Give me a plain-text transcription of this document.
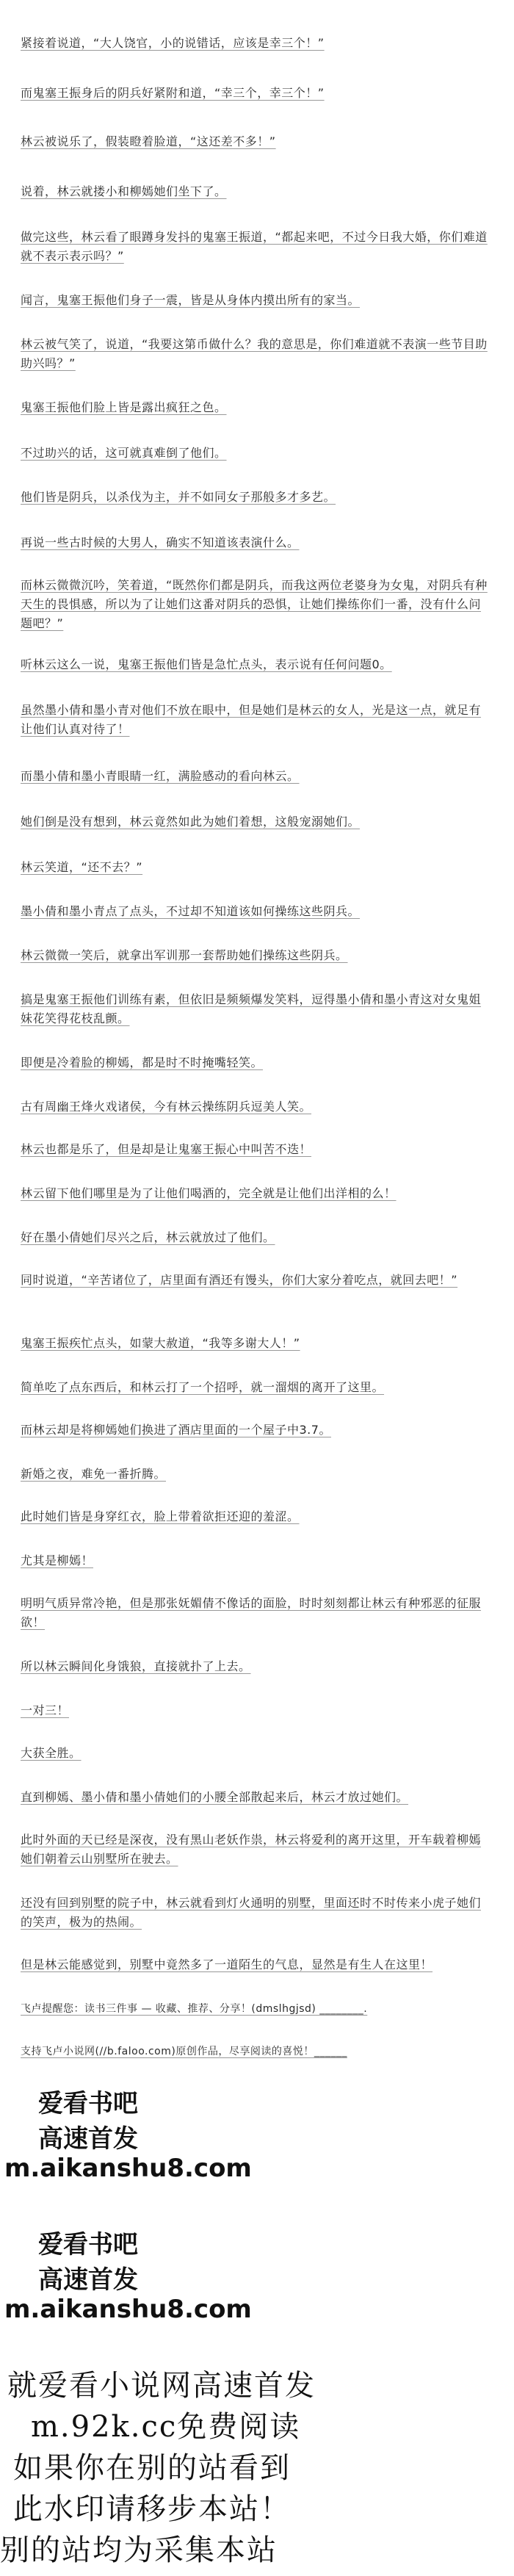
紧接着说道，“大人饶官，小的说错话，应该是幸三个！”
而鬼塞王振身后的阴兵好紧附和道，“幸三个，幸三个！”
林云被说乐了，假装瞪着脸道，“这还差不多！”
说着，林云就搂小和柳嫣她们坐下了。
做完这些，林云看了眼蹲身发抖的鬼塞王振道，“都起来吧，不过今日我大婚，你们难道就不表示表示吗？”
闻言，鬼塞王振他们身子一震，皆是从身体内摸出所有的家当。
林云被气笑了，说道，“我要这第币做什么？我的意思是，你们难道就不表演一些节目助助兴吗？”
鬼塞王振他们脸上皆是露出疯狂之色。
不过助兴的话，这可就真难倒了他们。
他们皆是阴兵，以杀伐为主，并不如同女子那般多才多艺。
再说一些古时候的大男人，确实不知道该表演什么。
而林云微微沉吟，笑着道，“既然你们都是阴兵，而我这两位老婆身为女鬼，对阴兵有种天生的畏惧感，所以为了让她们这番对阴兵的恐惧，让她们操练你们一番，没有什么问题吧？”
听林云这么一说，鬼塞王振他们皆是急忙点头，表示说有任何问题0。
虽然墨小倩和墨小青对他们不放在眼中，但是她们是林云的女人，光是这一点，就足有让他们认真对待了！
而墨小倩和墨小青眼睛一红，满脸感动的看向林云。
她们倒是没有想到，林云竟然如此为她们着想，这般宠溺她们。
林云笑道，“还不去？”
墨小倩和墨小青点了点头，不过却不知道该如何操练这些阴兵。
林云微微一笑后，就拿出军训那一套帮助她们操练这些阴兵。
搞是鬼塞王振他们训练有素，但依旧是频频爆发笑料，逗得墨小倩和墨小青这对女鬼姐妹花笑得花枝乱颤。
即便是冷着脸的柳嫣，都是时不时掩嘴轻笑。
古有周幽王烽火戏诸侯，今有林云操练阴兵逗美人笑。
林云也都是乐了，但是却是让鬼塞王振心中叫苦不迭！
林云留下他们哪里是为了让他们喝酒的，完全就是让他们出洋相的么！
好在墨小倩她们尽兴之后，林云就放过了他们。
同时说道，“辛苦诸位了，店里面有酒还有馒头，你们大家分着吃点，就回去吧！”
鬼塞王振疾忙点头，如蒙大赦道，“我等多谢大人！”
简单吃了点东西后，和林云打了一个招呼，就一溜烟的离开了这里。
而林云却是将柳嫣她们换进了酒店里面的一个屋子中3.7。
新婚之夜，难免一番折腾。
此时她们皆是身穿红衣，脸上带着欲拒还迎的羞涩。
尤其是柳嫣！
明明气质异常冷艳，但是那张妩媚倩不像话的面脸，时时刻刻都让林云有种邪恶的征服欲！
所以林云瞬间化身饿狼，直接就扑了上去。
一对三！
大获全胜。
直到柳嫣、墨小倩和墨小倩她们的小腰全部散起来后，林云才放过她们。
此时外面的天已经是深夜，没有黑山老妖作祟，林云将爱利的离开这里，开车载着柳嫣她们朝着云山别墅所在驶去。
还没有回到别墅的院子中，林云就看到灯火通明的别墅，里面还时不时传来小虎子她们的笑声，极为的热闹。
但是林云能感觉到，别墅中竟然多了一道陌生的气息，显然是有生人在这里！
飞卢提醒您：读书三件事 — 收藏、推荐、分享！(dmslhgjsd) ________.
支持飞卢小说网(//b.faloo.com)原创作品，尽享阅读的喜悦！______
爱看书吧
高速首发
m.aikanshu8.com
爱看书吧
高速首发
m.aikanshu8.com
就爱看小说网高速首发
m.92k.cc免费阅读
如果你在别的站看到
此水印请移步本站！
别的站均为采集本站
